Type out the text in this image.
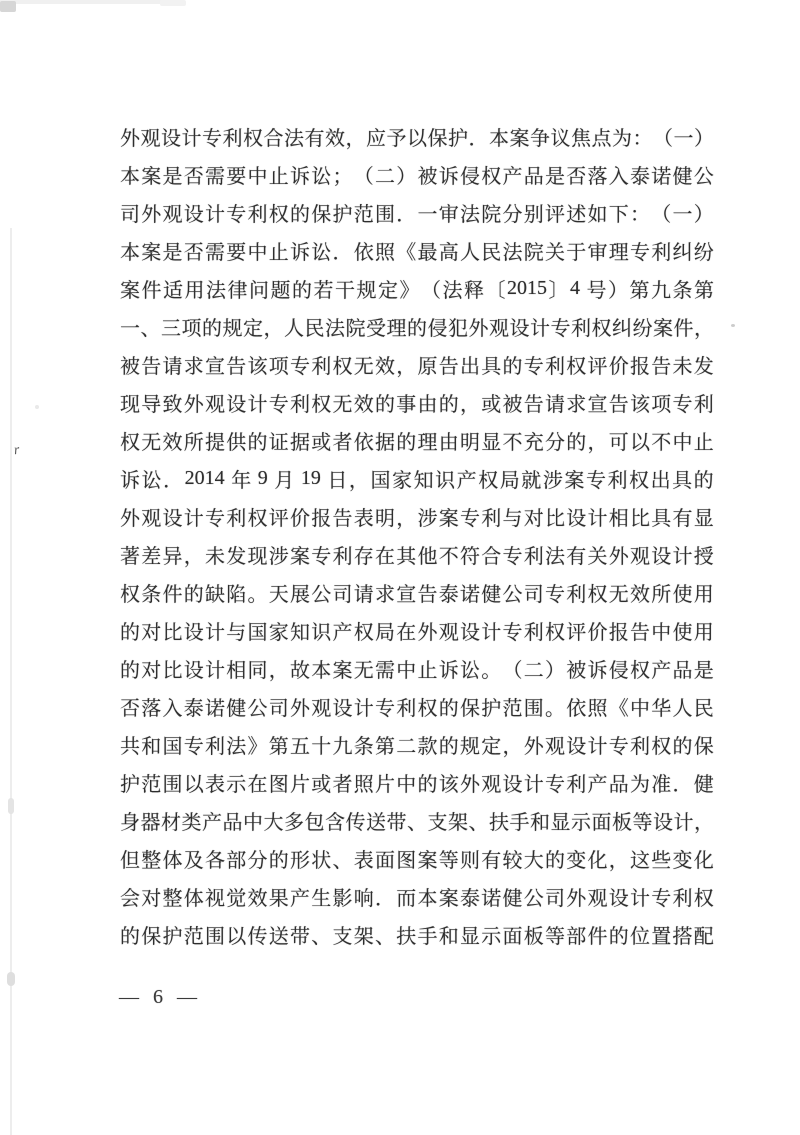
r
外 观 设 计 专 利 权 合 法 有 效 ， 应 予 以 保 护 ． 本 案 争 议 焦 点 为 ： （ 一 ）
本 案 是 否 需 要 中 止 诉 讼 ； （ 二 ） 被 诉 侵 权 产 品 是 否 落 入 泰 诺 健 公
司 外 观 设 计 专 利 权 的 保 护 范 围 ． 一 审 法 院 分 别 评 述 如 下 ： （ 一 ）
本 案 是 否 需 要 中 止 诉 讼 ． 依 照 《 最 高 人 民 法 院 关 于 审 理 专 利 纠 纷
案 件 适 用 法 律 问 题 的 若 干 规 定 》 （ 法 释 〔 2015 〕 4 号 ） 第 九 条 第
一 、 三 项 的 规 定 ， 人 民 法 院 受 理 的 侵 犯 外 观 设 计 专 利 权 纠 纷 案 件 ，
被 告 请 求 宣 告 该 项 专 利 权 无 效 ， 原 告 出 具 的 专 利 权 评 价 报 告 未 发
现 导 致 外 观 设 计 专 利 权 无 效 的 事 由 的 ， 或 被 告 请 求 宣 告 该 项 专 利
权 无 效 所 提 供 的 证 据 或 者 依 据 的 理 由 明 显 不 充 分 的 ， 可 以 不 中 止
诉 讼 ． 2014 年 9 月 19 日 ， 国 家 知 识 产 权 局 就 涉 案 专 利 权 出 具 的
外 观 设 计 专 利 权 评 价 报 告 表 明 ， 涉 案 专 利 与 对 比 设 计 相 比 具 有 显
著 差 异 ， 未 发 现 涉 案 专 利 存 在 其 他 不 符 合 专 利 法 有 关 外 观 设 计 授
权 条 件 的 缺 陷 。 天 展 公 司 请 求 宣 告 泰 诺 健 公 司 专 利 权 无 效 所 使 用
的 对 比 设 计 与 国 家 知 识 产 权 局 在 外 观 设 计 专 利 权 评 价 报 告 中 使 用
的 对 比 设 计 相 同 ， 故 本 案 无 需 中 止 诉 讼 。 （ 二 ） 被 诉 侵 权 产 品 是
否 落 入 泰 诺 健 公 司 外 观 设 计 专 利 权 的 保 护 范 围 。 依 照 《 中 华 人 民
共 和 国 专 利 法 》 第 五 十 九 条 第 二 款 的 规 定 ， 外 观 设 计 专 利 权 的 保
护 范 围 以 表 示 在 图 片 或 者 照 片 中 的 该 外 观 设 计 专 利 产 品 为 准 ． 健
身 器 材 类 产 品 中 大 多 包 含 传 送 带 、 支 架 、 扶 手 和 显 示 面 板 等 设 计 ，
但 整 体 及 各 部 分 的 形 状 、 表 面 图 案 等 则 有 较 大 的 变 化 ， 这 些 变 化
会 对 整 体 视 觉 效 果 产 生 影 响 ． 而 本 案 泰 诺 健 公 司 外 观 设 计 专 利 权
的 保 护 范 围 以 传 送 带 、 支 架 、 扶 手 和 显 示 面 板 等 部 件 的 位 置 搭 配
— 6 —
